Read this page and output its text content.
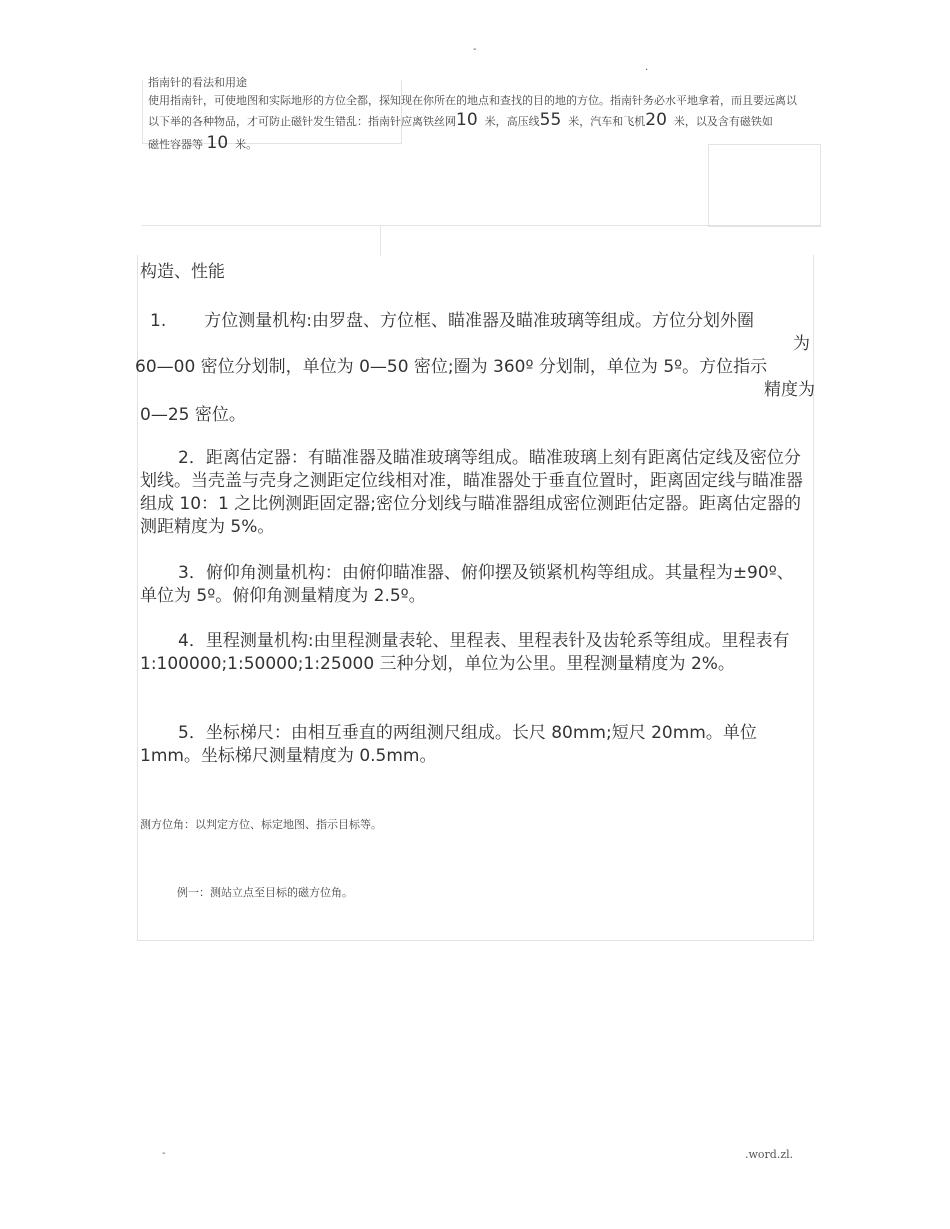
-
.
指南针的看法和用途
使用指南针，可使地图和实际地形的方位全都，探知现在你所在的地点和查找的目的地的方位。指南针务必水平地拿着，而且要远离以
以下举的各种物品，才可防止磁针发生错乱：指南针应离铁丝网10 米，高压线55 米，汽车和飞机20 米，以及含有磁铁如
磁性容器等 10 米。
构造、性能
1. 方位测量机构:由罗盘、方位框、瞄准器及瞄准玻璃等组成。方位分划外圈
为
60—00 密位分划制，单位为 0—50 密位;圈为 360º 分划制，单位为 5º。方位指示
精度为
0—25 密位。
2．距离估定器：有瞄准器及瞄准玻璃等组成。瞄准玻璃上刻有距离估定线及密位分划线。当壳盖与壳身之测距定位线相对准，瞄准器处于垂直位置时，距离固定线与瞄准器组成 10：1 之比例测距固定器;密位分划线与瞄准器组成密位测距估定器。距离估定器的测距精度为 5%。
3．俯仰角测量机构：由俯仰瞄准器、俯仰摆及锁紧机构等组成。其量程为±90º、单位为 5º。俯仰角测量精度为 2.5º。
4．里程测量机构:由里程测量表轮、里程表、里程表针及齿轮系等组成。里程表有 1:100000;1:50000;1:25000 三种分划，单位为公里。里程测量精度为 2%。
5．坐标梯尺：由相互垂直的两组测尺组成。长尺 80mm;短尺 20mm。单位 1mm。坐标梯尺测量精度为 0.5mm。
测方位角：以判定方位、标定地图、指示目标等。
例一：测站立点至目标的磁方位角。
-	.word.zl.
